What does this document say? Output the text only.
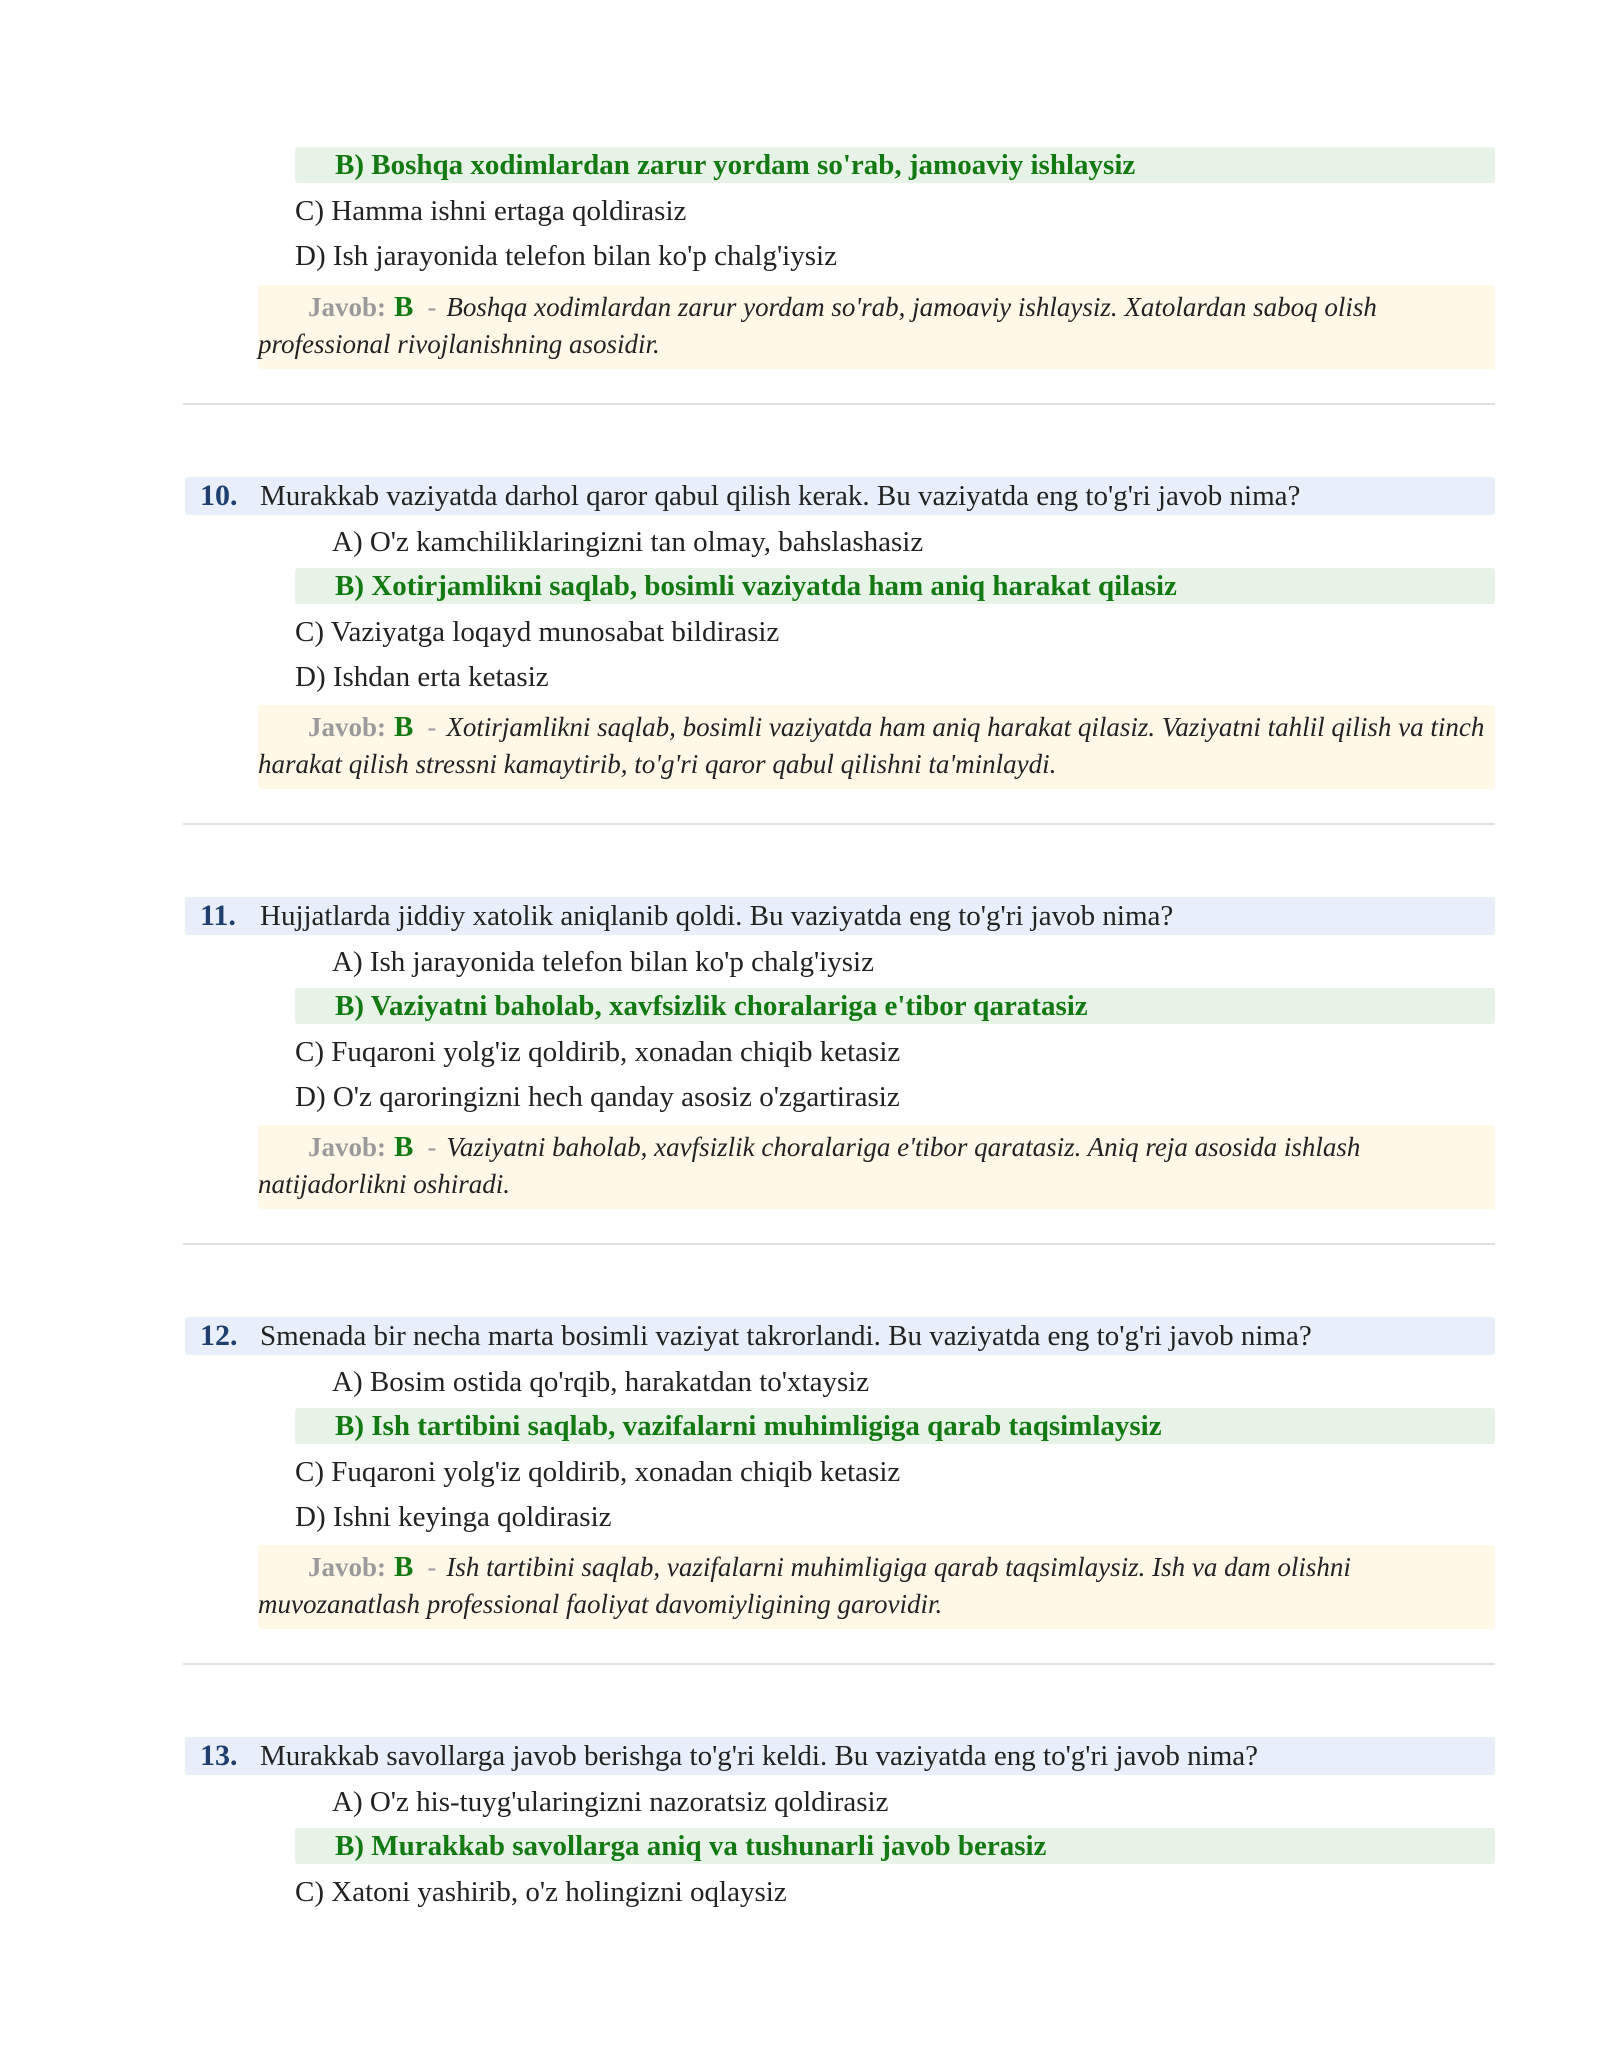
B) Boshqa xodimlardan zarur yordam so'rab, jamoaviy ishlaysiz
C) Hamma ishni ertaga qoldirasiz
D) Ish jarayonida telefon bilan ko'p chalg'iysiz
Javob: B - Boshqa xodimlardan zarur yordam so'rab, jamoaviy ishlaysiz. Xatolardan saboq olish professional rivojlanishning asosidir.
10. Murakkab vaziyatda darhol qaror qabul qilish kerak. Bu vaziyatda eng to'g'ri javob nima?
A) O'z kamchiliklaringizni tan olmay, bahslashasiz
B) Xotirjamlikni saqlab, bosimli vaziyatda ham aniq harakat qilasiz
C) Vaziyatga loqayd munosabat bildirasiz
D) Ishdan erta ketasiz
Javob: B - Xotirjamlikni saqlab, bosimli vaziyatda ham aniq harakat qilasiz. Vaziyatni tahlil qilish va tinch harakat qilish stressni kamaytirib, to'g'ri qaror qabul qilishni ta'minlaydi.
11. Hujjatlarda jiddiy xatolik aniqlanib qoldi. Bu vaziyatda eng to'g'ri javob nima?
A) Ish jarayonida telefon bilan ko'p chalg'iysiz
B) Vaziyatni baholab, xavfsizlik choralariga e'tibor qaratasiz
C) Fuqaroni yolg'iz qoldirib, xonadan chiqib ketasiz
D) O'z qaroringizni hech qanday asosiz o'zgartirasiz
Javob: B - Vaziyatni baholab, xavfsizlik choralariga e'tibor qaratasiz. Aniq reja asosida ishlash natijadorlikni oshiradi.
12. Smenada bir necha marta bosimli vaziyat takrorlandi. Bu vaziyatda eng to'g'ri javob nima?
A) Bosim ostida qo'rqib, harakatdan to'xtaysiz
B) Ish tartibini saqlab, vazifalarni muhimligiga qarab taqsimlaysiz
C) Fuqaroni yolg'iz qoldirib, xonadan chiqib ketasiz
D) Ishni keyinga qoldirasiz
Javob: B - Ish tartibini saqlab, vazifalarni muhimligiga qarab taqsimlaysiz. Ish va dam olishni muvozanatlash professional faoliyat davomiyligining garovidir.
13. Murakkab savollarga javob berishga to'g'ri keldi. Bu vaziyatda eng to'g'ri javob nima?
A) O'z his-tuyg'ularingizni nazoratsiz qoldirasiz
B) Murakkab savollarga aniq va tushunarli javob berasiz
C) Xatoni yashirib, o'z holingizni oqlaysiz
